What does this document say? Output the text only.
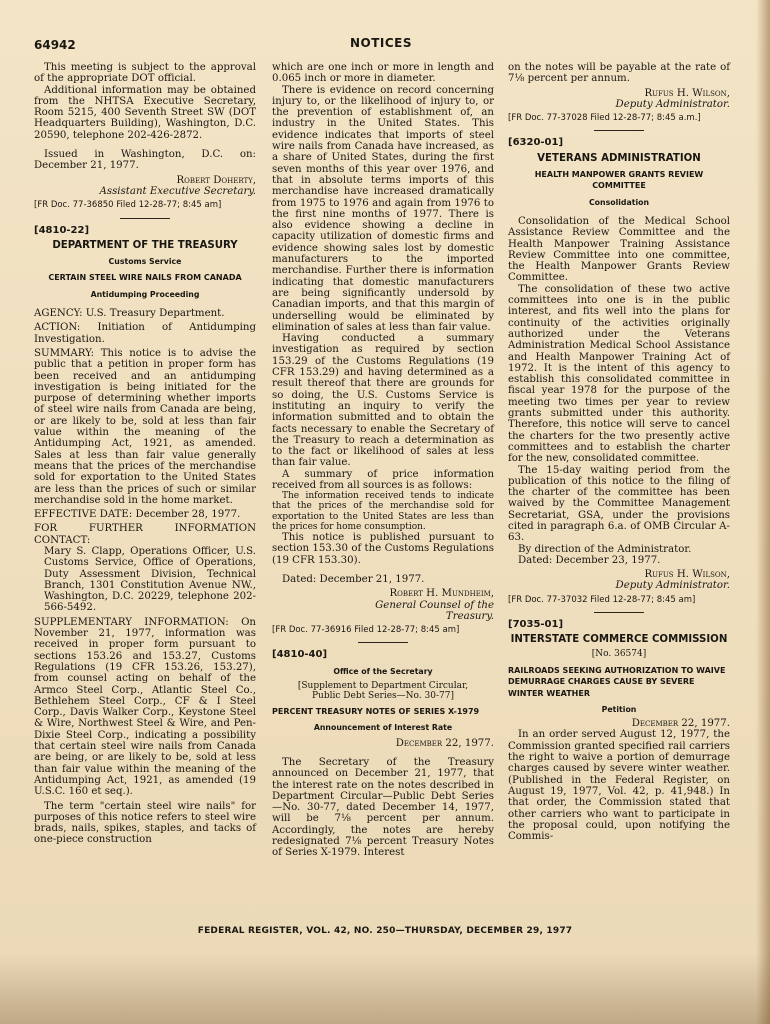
64942	NOTICES

This meeting is subject to the approval of the appropriate DOT official.

Additional information may be obtained from the NHTSA Executive Secretary, Room 5215, 400 Seventh Street SW (DOT Headquarters Building), Washington, D.C. 20590, telephone 202-426-2872.

Issued in Washington, D.C. on: December 21, 1977.

Robert Doherty,
Assistant Executive Secretary.
[FR Doc. 77-36850 Filed 12-28-77; 8:45 am]
[4810-22]
DEPARTMENT OF THE TREASURY
Customs Service
CERTAIN STEEL WIRE NAILS FROM CANADA
Antidumping Proceeding

AGENCY: U.S. Treasury Department.

ACTION: Initiation of Antidumping Investigation.

SUMMARY: This notice is to advise the public that a petition in proper form has been received and an antidumping investigation is being initiated for the purpose of determining whether imports of steel wire nails from Canada are being, or are likely to be, sold at less than fair value within the meaning of the Antidumping Act, 1921, as amended. Sales at less than fair value generally means that the prices of the merchandise sold for exportation to the United States are less than the prices of such or similar merchandise sold in the home market.

EFFECTIVE DATE: December 28, 1977.

FOR FURTHER INFORMATION CONTACT:

Mary S. Clapp, Operations Officer, U.S. Customs Service, Office of Operations, Duty Assessment Division, Technical Branch, 1301 Constitution Avenue NW., Washington, D.C. 20229, telephone 202-566-5492.

SUPPLEMENTARY INFORMATION: On November 21, 1977, information was received in proper form pursuant to sections 153.26 and 153.27, Customs Regulations (19 CFR 153.26, 153.27), from counsel acting on behalf of the Armco Steel Corp., Atlantic Steel Co., Bethlehem Steel Corp., CF & I Steel Corp., Davis Walker Corp., Keystone Steel & Wire, Northwest Steel & Wire, and Pen-Dixie Steel Corp., indicating a possibility that certain steel wire nails from Canada are being, or are likely to be, sold at less than fair value within the meaning of the Antidumping Act, 1921, as amended (19 U.S.C. 160 et seq.).

The term "certain steel wire nails" for purposes of this notice refers to steel wire brads, nails, spikes, staples, and tacks of one-piece construction

which are one inch or more in length and 0.065 inch or more in diameter.

There is evidence on record concerning injury to, or the likelihood of injury to, or the prevention of establishment of, an industry in the United States. This evidence indicates that imports of steel wire nails from Canada have increased, as a share of United States, during the first seven months of this year over 1976, and that in absolute terms imports of this merchandise have increased dramatically from 1975 to 1976 and again from 1976 to the first nine months of 1977. There is also evidence showing a decline in capacity utilization of domestic firms and evidence showing sales lost by domestic manufacturers to the imported merchandise. Further there is information indicating that domestic manufacturers are being significantly undersold by Canadian imports, and that this margin of underselling would be eliminated by elimination of sales at less than fair value.

Having conducted a summary investigation as required by section 153.29 of the Customs Regulations (19 CFR 153.29) and having determined as a result thereof that there are grounds for so doing, the U.S. Customs Service is instituting an inquiry to verify the information submitted and to obtain the facts necessary to enable the Secretary of the Treasury to reach a determination as to the fact or likelihood of sales at less than fair value.

A summary of price information received from all sources is as follows:

The information received tends to indicate that the prices of the merchandise sold for exportation to the United States are less than the prices for home consumption.

This notice is published pursuant to section 153.30 of the Customs Regulations (19 CFR 153.30).

Dated: December 21, 1977.

Robert H. Mundheim,
General Counsel of the
Treasury.
[FR Doc. 77-36916 Filed 12-28-77; 8:45 am]
[4810-40]
Office of the Secretary
[Supplement to Department Circular,
Public Debt Series—No. 30-77]
PERCENT TREASURY NOTES OF SERIES X-1979
Announcement of Interest Rate

December 22, 1977.

The Secretary of the Treasury announced on December 21, 1977, that the interest rate on the notes described in Department Circular—Public Debt Series—No. 30-77, dated December 14, 1977, will be 7⅛ percent per annum. Accordingly, the notes are hereby redesignated 7⅛ percent Treasury Notes of Series X-1979. Interest

on the notes will be payable at the rate of 7⅛ percent per annum.

Rufus H. Wilson,
Deputy Administrator.
[FR Doc. 77-37028 Filed 12-28-77; 8:45 a.m.]
[6320-01]
VETERANS ADMINISTRATION
HEALTH MANPOWER GRANTS REVIEW COMMITTEE
Consolidation

Consolidation of the Medical School Assistance Review Committee and the Health Manpower Training Assistance Review Committee into one committee, the Health Manpower Grants Review Committee.

The consolidation of these two active committees into one is in the public interest, and fits well into the plans for continuity of the activities originally authorized under the Veterans Administration Medical School Assistance and Health Manpower Training Act of 1972. It is the intent of this agency to establish this consolidated committee in fiscal year 1978 for the purpose of the meeting two times per year to review grants submitted under this authority. Therefore, this notice will serve to cancel the charters for the two presently active committees and to establish the charter for the new, consolidated committee.

The 15-day waiting period from the publication of this notice to the filing of the charter of the committee has been waived by the Committee Management Secretariat, GSA, under the provisions cited in paragraph 6.a. of OMB Circular A-63.

By direction of the Administrator.

Dated: December 23, 1977.

Rufus H. Wilson,
Deputy Administrator.
[FR Doc. 77-37032 Filed 12-28-77; 8:45 am]
[7035-01]
INTERSTATE COMMERCE COMMISSION
[No. 36574]
RAILROADS SEEKING AUTHORIZATION TO WAIVE DEMURRAGE CHARGES CAUSE BY SEVERE WINTER WEATHER
Petition

December 22, 1977.

In an order served August 12, 1977, the Commission granted specified rail carriers the right to waive a portion of demurrage charges caused by severe winter weather. (Published in the Federal Register, on August 19, 1977, Vol. 42, p. 41,948.) In that order, the Commission stated that other carriers who want to participate in the proposal could, upon notifying the Commis-

FEDERAL REGISTER, VOL. 42, NO. 250—THURSDAY, DECEMBER 29, 1977
